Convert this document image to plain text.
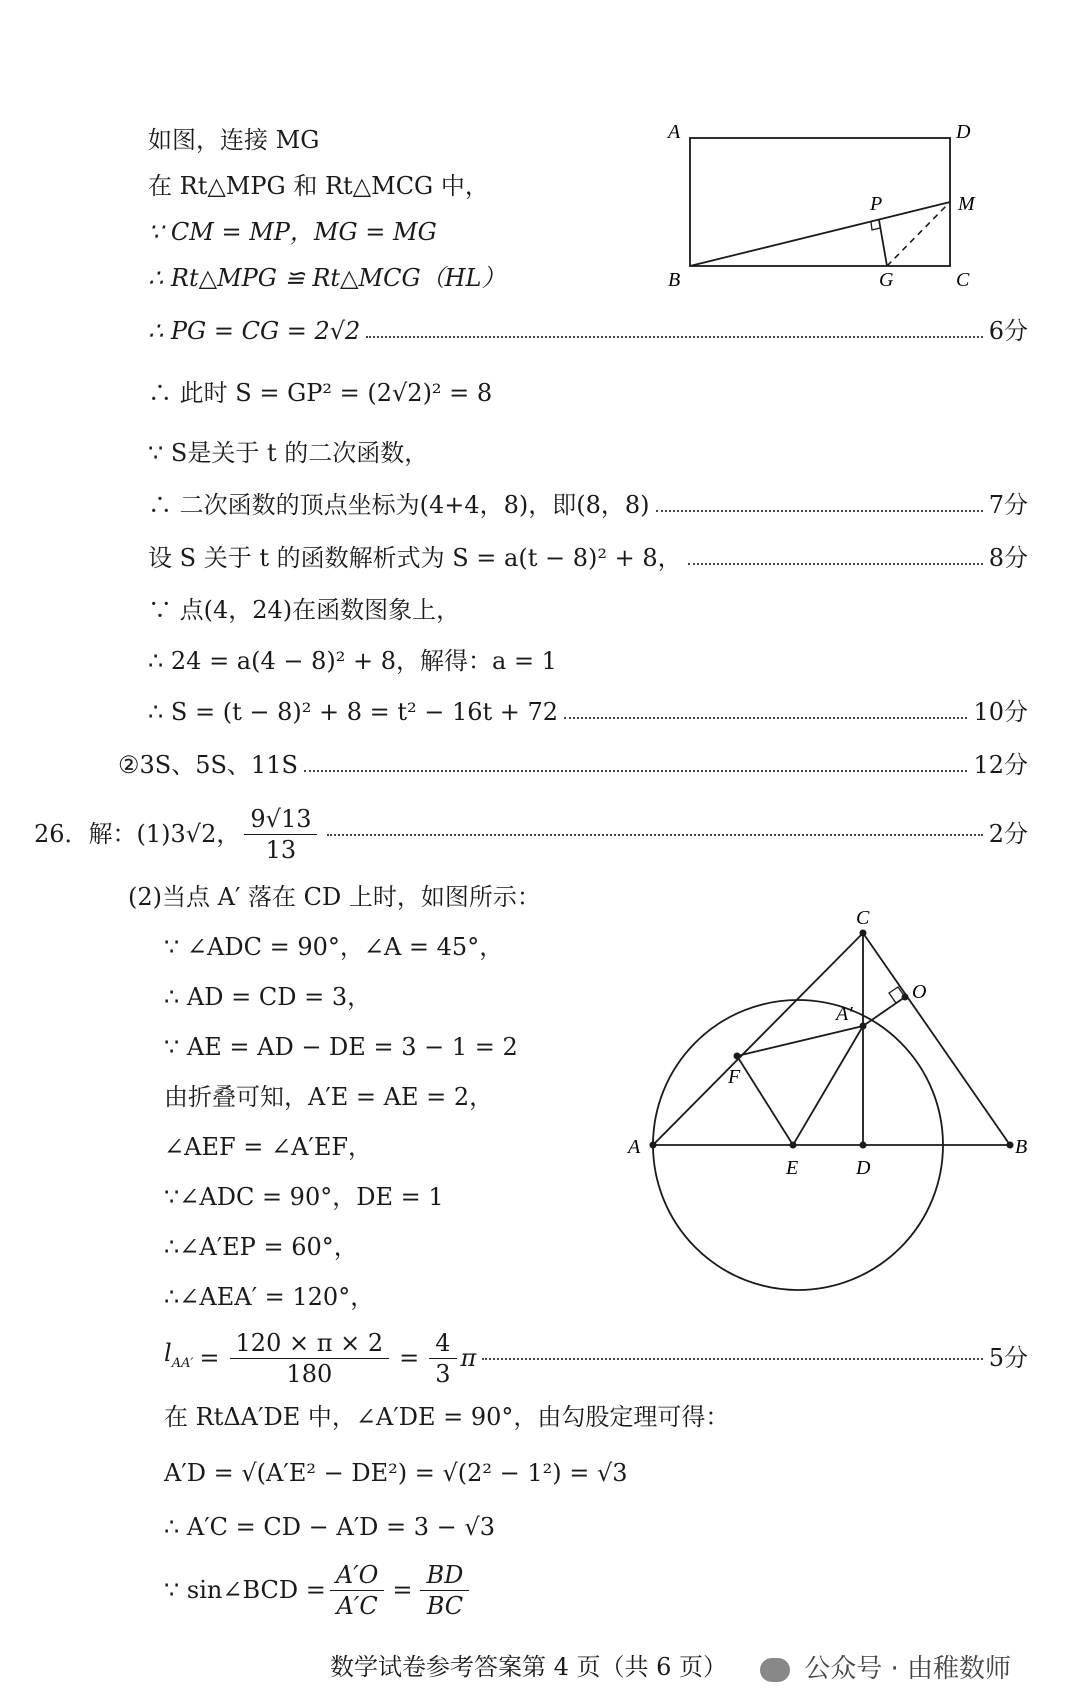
如图，连接 MG
在 Rt△MPG 和 Rt△MCG 中，
∵ CM = MP，MG = MG
∴ Rt△MPG ≌ Rt△MCG（HL）
∴ PG = CG = 2√2	6分
∴ 此时 S = GP² = (2√2)² = 8
∵ S是关于 t 的二次函数，
∴ 二次函数的顶点坐标为(4+4，8)，即(8，8)	7分
设 S 关于 t 的函数解析式为 S = a(t − 8)² + 8，	8分
∵ 点(4，24)在函数图象上，
∴ 24 = a(4 − 8)² + 8，解得：a = 1
∴ S = (t − 8)² + 8 = t² − 16t + 72	10分
②3S、5S、11S	12分
A	D
B	C
G
P	M
26．解：(1)3√2， $\frac{9√13}{13}$	2分
(2)当点 A′ 落在 CD 上时，如图所示：
∵ ∠ADC = 90°，∠A = 45°，
∴ AD = CD = 3，
∵ AE = AD − DE = 3 − 1 = 2
由折叠可知，A′E = AE = 2，
∠AEF = ∠A′EF，
∵∠ADC = 90°，DE = 1
∴∠A′EP = 60°，
∴∠AEA′ = 120°，
$l_{AA'} = \frac{120 \times \pi \times 2}{180} = \frac{4}{3}$ π	5分
在 RtΔA′DE 中，∠A′DE = 90°，由勾股定理可得：
A′D = √(A′E² − DE²) = √(2² − 1²) = √3
∴ A′C = CD − A′D = 3 − √3
∵ sin∠BCD = $\frac{A'O}{A'C} = \frac{BD}{BC}$
C
O
A′
F
A
E	D
B
数学试卷参考答案第 4 页（共 6 页）	公众号 · 由稚数师
